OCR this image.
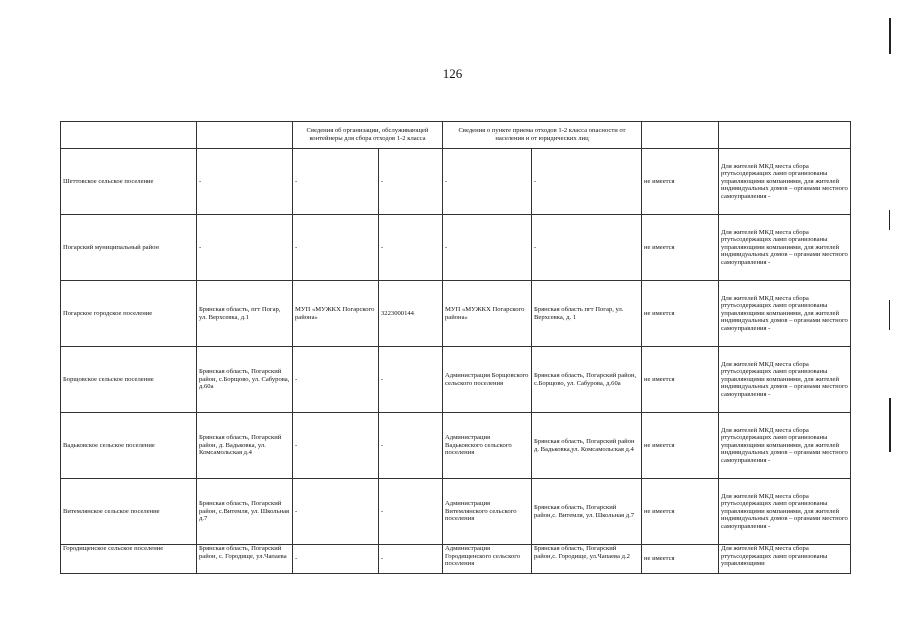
126
		Сведения об организации, обслуживающей контейнеры для сбора отходов 1-2 класса		Сведения о пункте приема отходов 1-2 класса опасности от населения и от юридических лиц			
Шеттовское сельское поселение	-	-	-	-	-	не имеется	Для жителей МКД места сбора ртутьсодержащих ламп организованы управляющими компаниями, для жителей индивидуальных домов – органами местного самоуправления -
Погарский муниципальный район	-	-	-	-	-	не имеется	Для жителей МКД места сбора ртутьсодержащих ламп организованы управляющими компаниями, для жителей индивидуальных домов – органами местного самоуправления -
Погарское городское поселение	Брянская область, пгт Погар, ул. Верхсевка, д.1	МУП «МУЖКХ Погарского района»	3223000144	МУП «МУЖКХ Погарского района»	Брянская область пгт Погар, ул. Верхсевка, д. 1	не имеется	Для жителей МКД места сбора ртутьсодержащих ламп организованы управляющими компаниями, для жителей индивидуальных домов – органами местного самоуправления -
Борщовское сельское поселение	Брянская область, Погарский район, с.Борщово, ул. Сабурова, д.60а	-	-	Администрация Борщовского сельского поселения	Брянская область, Погарский район, с.Борщово, ул. Сабурова, д.60а	не имеется	Для жителей МКД места сбора ртутьсодержащих ламп организованы управляющими компаниями, для жителей индивидуальных домов – органами местного самоуправления -
Вадьковское сельское поселение	Брянская область, Погарский район, д. Вадьковка, ул. Комсамольская д.4	-	-	Администрация Вадьковского сельского поселения	Брянская область, Погарский район д. Вадьковка,ул. Комсамольская д.4	не имеется	Для жителей МКД места сбора ртутьсодержащих ламп организованы управляющими компаниями, для жителей индивидуальных домов – органами местного самоуправления -
Витемлянское сельское поселение	Брянская область, Погарский район, с.Витемля, ул. Школьная д.7	-	-	Администрация Витемлянского сельского поселения	Брянская область, Погарский район,с. Витемля, ул. Школьная д.7	не имеется	Для жителей МКД места сбора ртутьсодержащих ламп организованы управляющими компаниями, для жителей индивидуальных домов – органами местного самоуправления -
Городищенское сельское поселение	Брянская область, Погарский район, с. Городище, ул.Чапаева	-	-	Администрация Городищенского сельского поселения	Брянская область, Погарский район,с. Городище, ул.Чапаева д.2	не имеется	Для жителей МКД места сбора ртутьсодержащих ламп организованы управляющими
